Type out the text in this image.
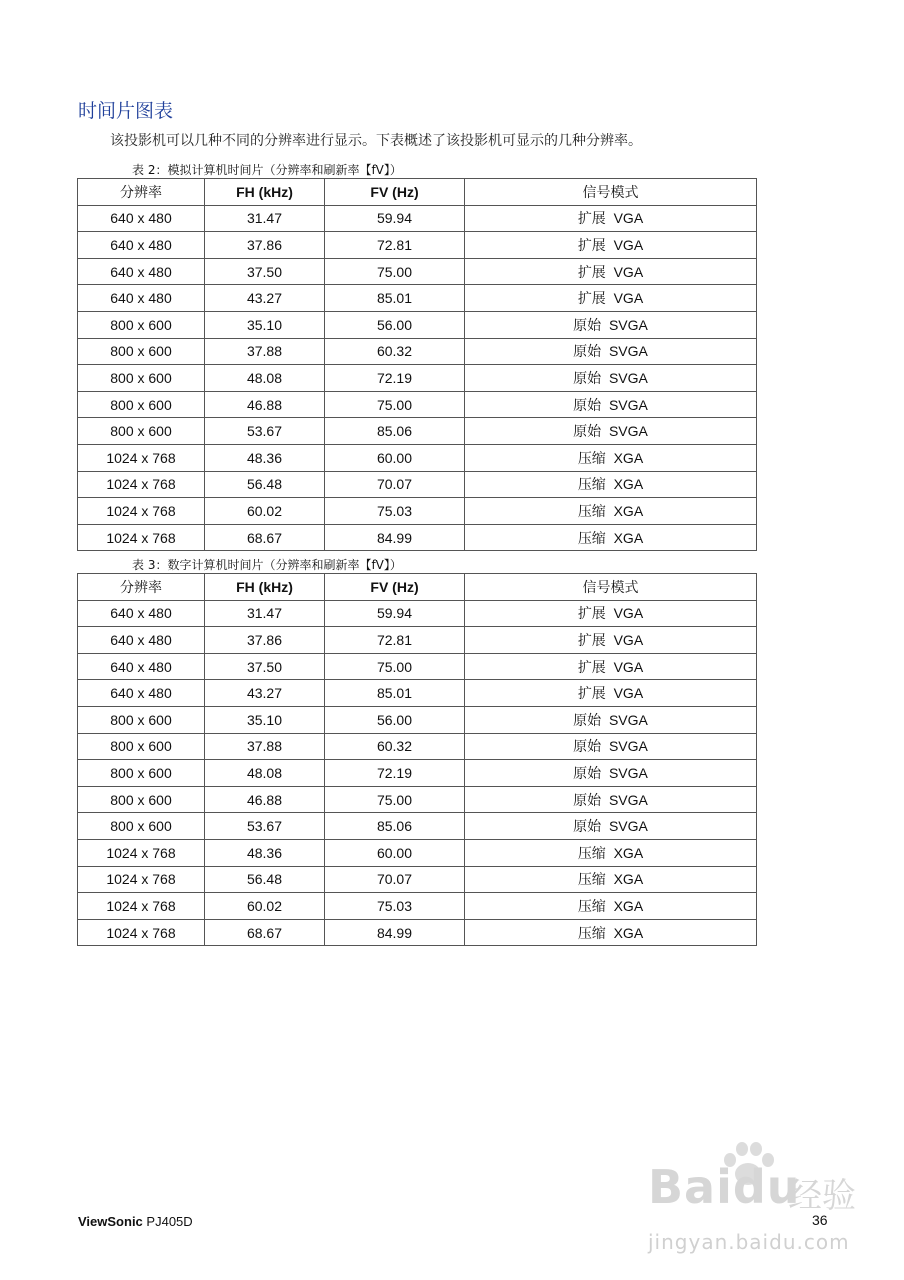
时间片图表
该投影机可以几种不同的分辨率进行显示。下表概述了该投影机可显示的几种分辨率。
表 2：模拟计算机时间片（分辨率和刷新率【fV】）
分辨率	FH (kHz)	FV (Hz)	信号模式
640 x 480	31.47	59.94	扩展 VGA
640 x 480	37.86	72.81	扩展 VGA
640 x 480	37.50	75.00	扩展 VGA
640 x 480	43.27	85.01	扩展 VGA
800 x 600	35.10	56.00	原始 SVGA
800 x 600	37.88	60.32	原始 SVGA
800 x 600	48.08	72.19	原始 SVGA
800 x 600	46.88	75.00	原始 SVGA
800 x 600	53.67	85.06	原始 SVGA
1024 x 768	48.36	60.00	压缩 XGA
1024 x 768	56.48	70.07	压缩 XGA
1024 x 768	60.02	75.03	压缩 XGA
1024 x 768	68.67	84.99	压缩 XGA
表 3：数字计算机时间片（分辨率和刷新率【fV】）
分辨率	FH (kHz)	FV (Hz)	信号模式
640 x 480	31.47	59.94	扩展 VGA
640 x 480	37.86	72.81	扩展 VGA
640 x 480	37.50	75.00	扩展 VGA
640 x 480	43.27	85.01	扩展 VGA
800 x 600	35.10	56.00	原始 SVGA
800 x 600	37.88	60.32	原始 SVGA
800 x 600	48.08	72.19	原始 SVGA
800 x 600	46.88	75.00	原始 SVGA
800 x 600	53.67	85.06	原始 SVGA
1024 x 768	48.36	60.00	压缩 XGA
1024 x 768	56.48	70.07	压缩 XGA
1024 x 768	60.02	75.03	压缩 XGA
1024 x 768	68.67	84.99	压缩 XGA
ViewSonic PJ405D	36
Baidu
经验
jingyan.baidu.com
